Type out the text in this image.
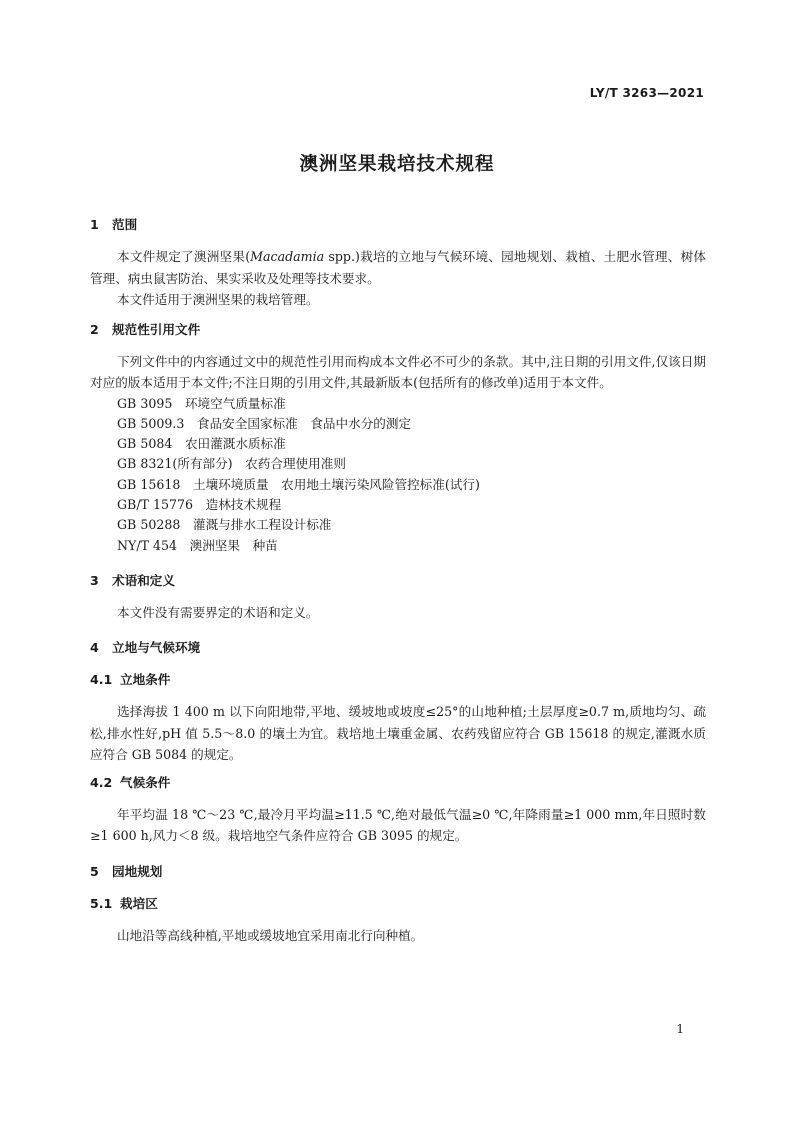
LY/T 3263—2021
澳洲坚果栽培技术规程
1 范围

本文件规定了澳洲坚果(Macadamia spp.)栽培的立地与气候环境、园地规划、栽植、土肥水管理、树体管理、病虫鼠害防治、果实采收及处理等技术要求。

本文件适用于澳洲坚果的栽培管理。

2 规范性引用文件

下列文件中的内容通过文中的规范性引用而构成本文件必不可少的条款。其中,注日期的引用文件,仅该日期对应的版本适用于本文件;不注日期的引用文件,其最新版本(包括所有的修改单)适用于本文件。

GB 3095　环境空气质量标准

GB 5009.3　食品安全国家标准　食品中水分的测定

GB 5084　农田灌溉水质标准

GB 8321(所有部分)　农药合理使用准则

GB 15618　土壤环境质量　农用地土壤污染风险管控标准(试行)

GB/T 15776　造林技术规程

GB 50288　灌溉与排水工程设计标准

NY/T 454　澳洲坚果　种苗

3 术语和定义

本文件没有需要界定的术语和定义。

4 立地与气候环境
4.1 立地条件

选择海拔 1 400 m 以下向阳地带,平地、缓坡地或坡度≤25°的山地种植;土层厚度≥0.7 m,质地均匀、疏松,排水性好,pH 值 5.5～8.0 的壤土为宜。栽培地土壤重金属、农药残留应符合 GB 15618 的规定,灌溉水质应符合 GB 5084 的规定。

4.2 气候条件

年平均温 18 ℃～23 ℃,最冷月平均温≥11.5 ℃,绝对最低气温≥0 ℃,年降雨量≥1 000 mm,年日照时数≥1 600 h,风力＜8 级。栽培地空气条件应符合 GB 3095 的规定。

5 园地规划
5.1 栽培区

山地沿等高线种植,平地或缓坡地宜采用南北行向种植。

1
